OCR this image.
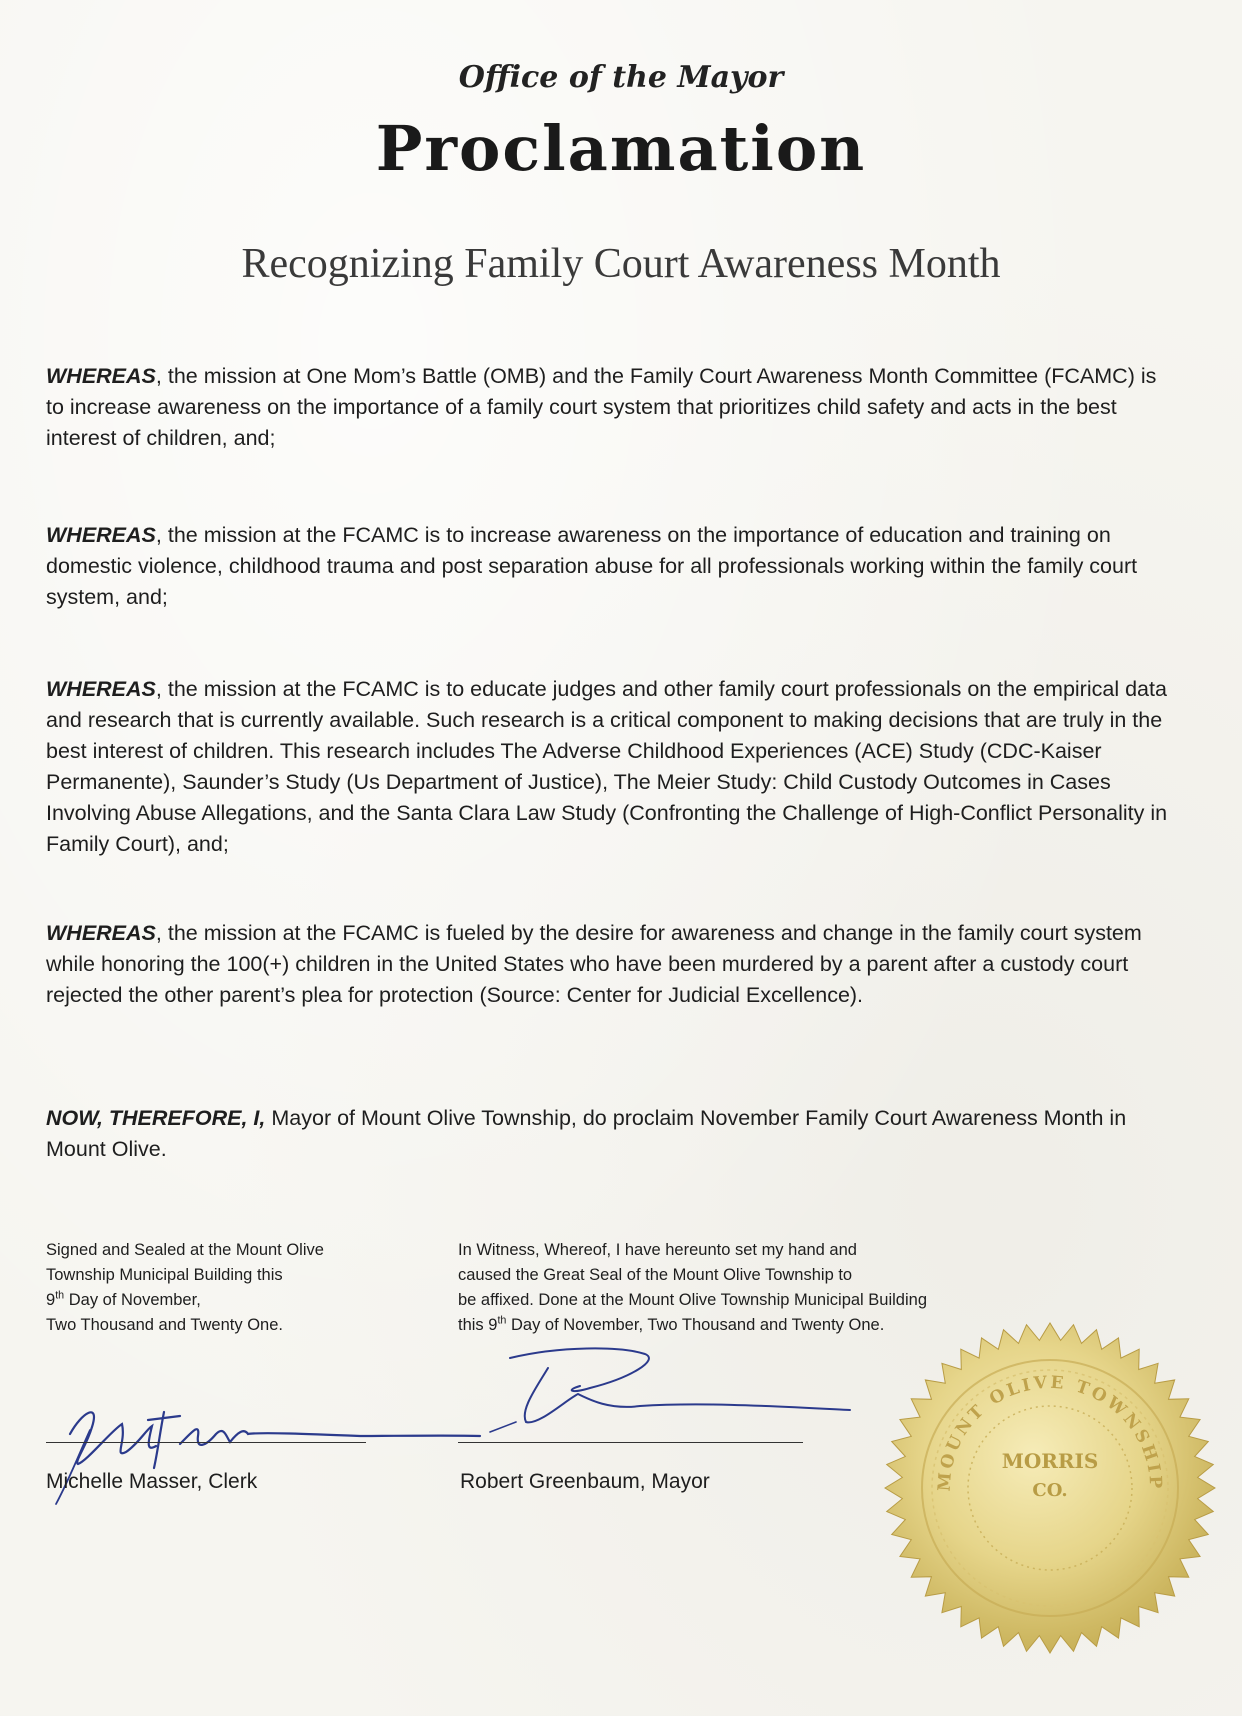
Office of the Mayor
Proclamation
Recognizing Family Court Awareness Month
WHEREAS, the mission at One Mom’s Battle (OMB) and the Family Court Awareness Month Committee (FCAMC) is to increase awareness on the importance of a family court system that prioritizes child safety and acts in the best interest of children, and;
WHEREAS, the mission at the FCAMC is to increase awareness on the importance of education and training on domestic violence, childhood trauma and post separation abuse for all professionals working within the family court system, and;
WHEREAS, the mission at the FCAMC is to educate judges and other family court professionals on the empirical data and research that is currently available. Such research is a critical component to making decisions that are truly in the best interest of children. This research includes The Adverse Childhood Experiences (ACE) Study (CDC-Kaiser Permanente), Saunder’s Study (Us Department of Justice), The Meier Study: Child Custody Outcomes in Cases Involving Abuse Allegations, and the Santa Clara Law Study (Confronting the Challenge of High-Conflict Personality in Family Court), and;
WHEREAS, the mission at the FCAMC is fueled by the desire for awareness and change in the family court system while honoring the 100(+) children in the United States who have been murdered by a parent after a custody court rejected the other parent’s plea for protection (Source: Center for Judicial Excellence).
NOW, THEREFORE, I, Mayor of Mount Olive Township, do proclaim November Family Court Awareness Month in Mount Olive.
Signed and Sealed at the Mount Olive
Township Municipal Building this
9th Day of November,
Two Thousand and Twenty One.
In Witness, Whereof, I have hereunto set my hand and
caused the Great Seal of the Mount Olive Township to
be affixed. Done at the Mount Olive Township Municipal Building
this 9th Day of November, Two Thousand and Twenty One.
Michelle Masser, Clerk	Robert Greenbaum, Mayor	MOUNT OLIVE TOWNSHIP
MORRIS
CO.
